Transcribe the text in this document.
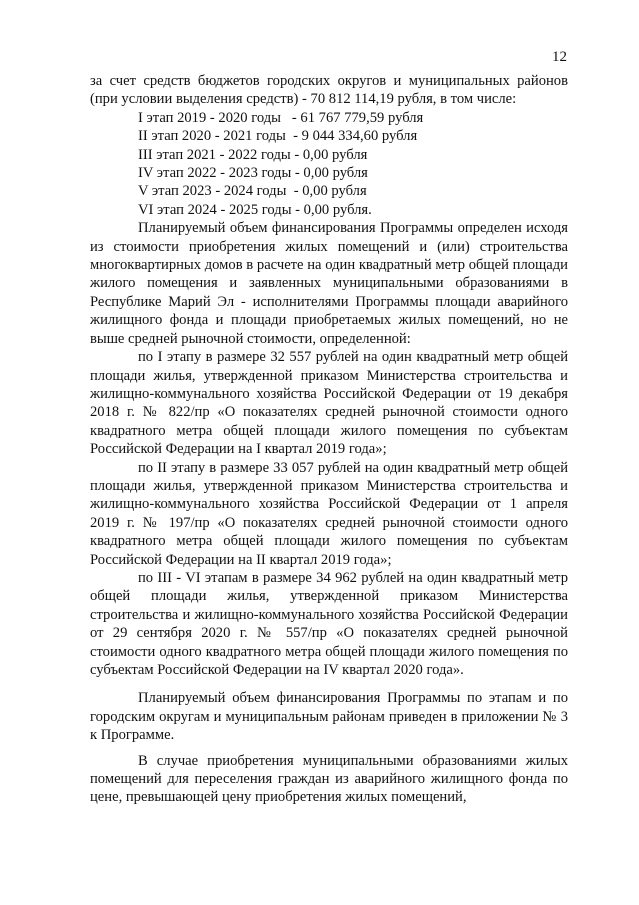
12

за счет средств бюджетов городских округов и муниципальных районов (при условии выделения средств) - 70 812 114,19 рубля, в том числе:

I этап 2019 - 2020 годы   - 61 767 779,59 рубля

II этап 2020 - 2021 годы  - 9 044 334,60 рубля

III этап 2021 - 2022 годы - 0,00 рубля

IV этап 2022 - 2023 годы - 0,00 рубля

V этап 2023 - 2024 годы  - 0,00 рубля

VI этап 2024 - 2025 годы - 0,00 рубля.

Планируемый объем финансирования Программы определен исходя из стоимости приобретения жилых помещений и (или) строительства многоквартирных домов в расчете на один квадратный метр общей площади жилого помещения и заявленных муниципальными образованиями в Республике Марий Эл - исполнителями Программы площади аварийного жилищного фонда и площади приобретаемых жилых помещений, но не выше средней рыночной стоимости, определенной:

по I этапу в размере 32 557 рублей на один квадратный метр общей площади жилья, утвержденной приказом Министерства строительства и жилищно-коммунального хозяйства Российской Федерации от 19 декабря 2018 г. № 822/пр «О показателях средней рыночной стоимости одного квадратного метра общей площади жилого помещения по субъектам Российской Федерации на I квартал 2019 года»;

по II этапу в размере 33 057 рублей на один квадратный метр общей площади жилья, утвержденной приказом Министерства строительства и жилищно-коммунального хозяйства Российской Федерации от 1 апреля 2019 г. № 197/пр «О показателях средней рыночной стоимости одного квадратного метра общей площади жилого помещения по субъектам Российской Федерации на II квартал 2019 года»;

по III - VI этапам в размере 34 962 рублей на один квадратный метр общей площади жилья, утвержденной приказом Министерства строительства и жилищно-коммунального хозяйства Российской Федерации от 29 сентября 2020 г. № 557/пр «О показателях средней рыночной стоимости одного квадратного метра общей площади жилого помещения по субъектам Российской Федерации на IV квартал 2020 года».

Планируемый объем финансирования Программы по этапам и по городским округам и муниципальным районам приведен в приложении № 3 к Программе.

В случае приобретения муниципальными образованиями жилых помещений для переселения граждан из аварийного жилищного фонда по цене, превышающей цену приобретения жилых помещений,
